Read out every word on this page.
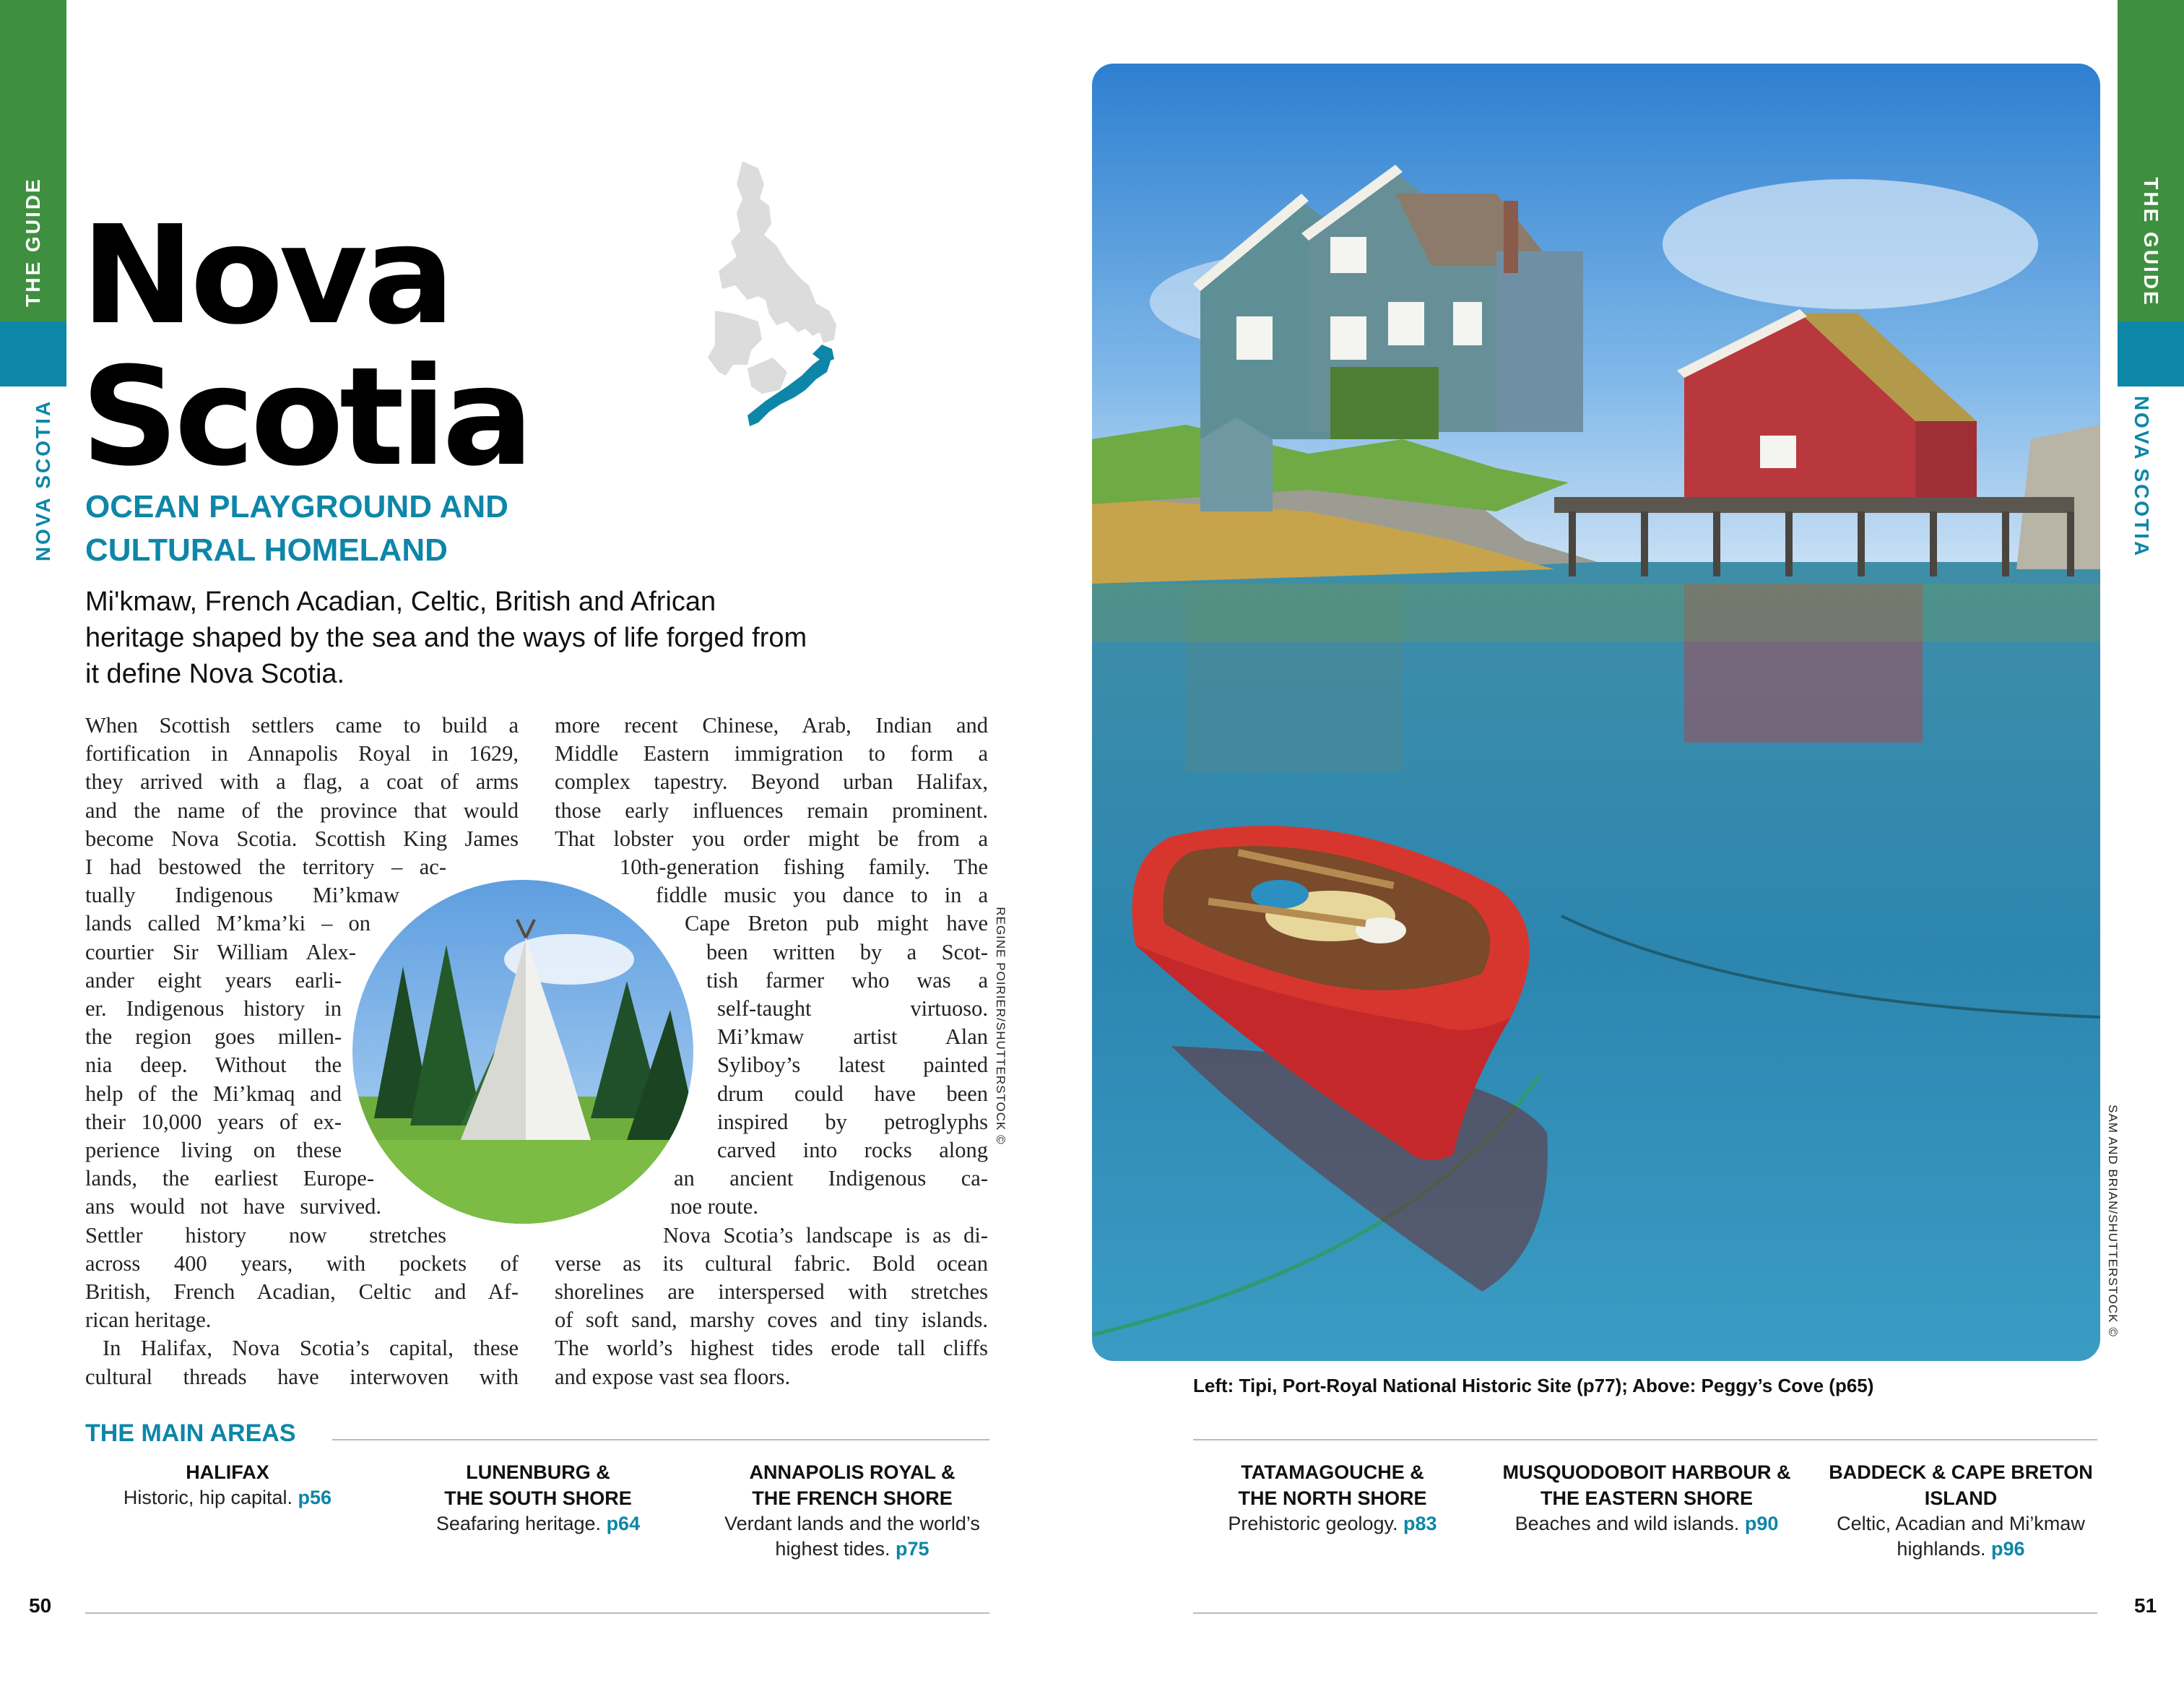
THE GUIDE
NOVA SCOTIA
THE GUIDE
NOVA SCOTIA
Nova
Scotia
OCEAN PLAYGROUND AND
CULTURAL HOMELAND
Mi'kmaw, French Acadian, Celtic, British and African
heritage shaped by the sea and the ways of life forged from
it define Nova Scotia.

When Scottish settlers came to build a

fortification in Annapolis Royal in 1629,

they arrived with a flag, a coat of arms

and the name of the province that would

become Nova Scotia. Scottish King James

I had bestowed the territory – ac-

tually Indigenous Mi’kmaw

lands called M’kma’ki – on

courtier Sir William Alex-

ander eight years earli-

er. Indigenous history in

the region goes millen-

nia deep. Without the

help of the Mi’kmaq and

their 10,000 years of ex-

perience living on these

lands, the earliest Europe-

ans would not have survived.

Settler history now stretches

across 400 years, with pockets of

British, French Acadian, Celtic and Af-

rican heritage.

In Halifax, Nova Scotia’s capital, these

cultural threads have interwoven with

more recent Chinese, Arab, Indian and

Middle Eastern immigration to form a

complex tapestry. Beyond urban Halifax,

those early influences remain prominent.

That lobster you order might be from a

10th-generation fishing family. The

fiddle music you dance to in a

Cape Breton pub might have

been written by a Scot-

tish farmer who was a

self-taught virtuoso.

Mi’kmaw artist Alan

Syliboy’s latest painted

drum could have been

inspired by petroglyphs

carved into rocks along

an ancient Indigenous ca-

noe route.

Nova Scotia’s landscape is as di-

verse as its cultural fabric. Bold ocean

shorelines are interspersed with stretches

of soft sand, marshy coves and tiny islands.

The world’s highest tides erode tall cliffs

and expose vast sea floors.

REGINE POIRIER/SHUTTERSTOCK ©
SAM AND BRIAN/SHUTTERSTOCK ©
Left: Tipi, Port-Royal National Historic Site (p77); Above: Peggy’s Cove (p65)
THE MAIN AREAS
HALIFAX
Historic, hip capital. p56
LUNENBURG &
THE SOUTH SHORE
Seafaring heritage. p64
ANNAPOLIS ROYAL &
THE FRENCH SHORE
Verdant lands and the world’s
highest tides. p75
TATAMAGOUCHE &
THE NORTH SHORE
Prehistoric geology. p83
MUSQUODOBOIT HARBOUR &
THE EASTERN SHORE
Beaches and wild islands. p90
BADDECK & CAPE BRETON
ISLAND
Celtic, Acadian and Mi’kmaw
highlands. p96
50	51
